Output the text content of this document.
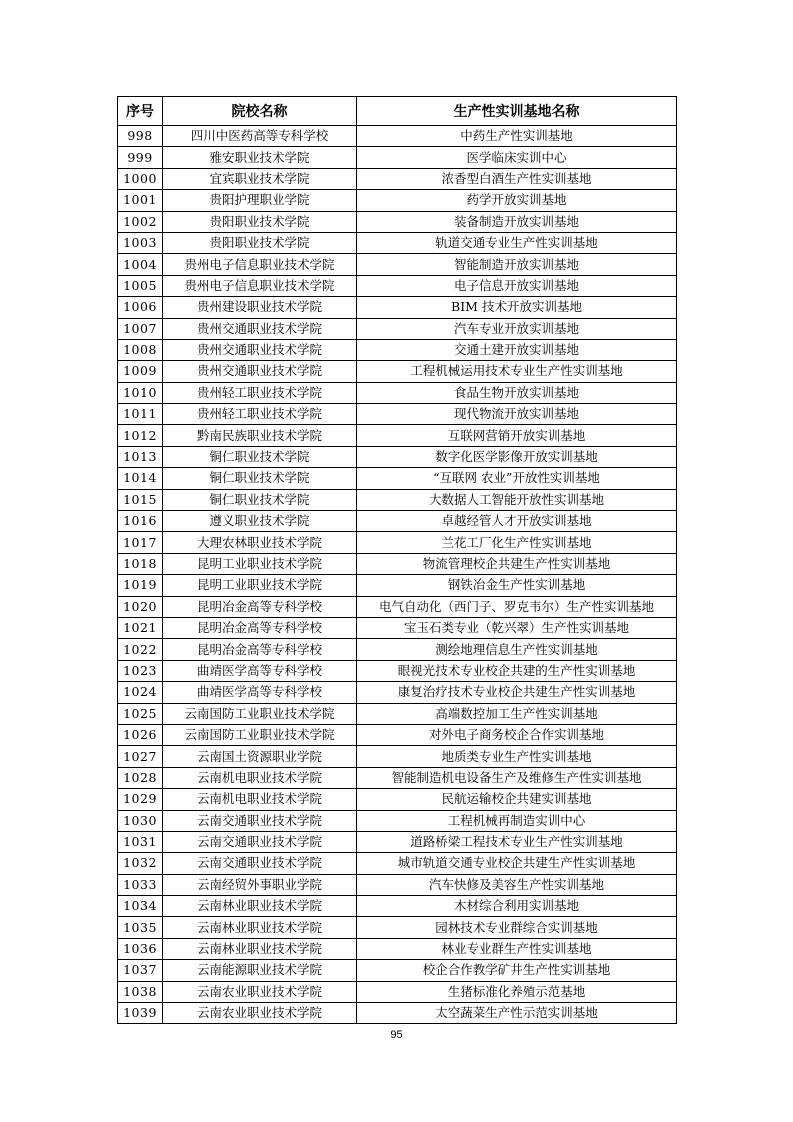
序号	院校名称	生产性实训基地名称
998	四川中医药高等专科学校	中药生产性实训基地
999	雅安职业技术学院	医学临床实训中心
1000	宜宾职业技术学院	浓香型白酒生产性实训基地
1001	贵阳护理职业学院	药学开放实训基地
1002	贵阳职业技术学院	装备制造开放实训基地
1003	贵阳职业技术学院	轨道交通专业生产性实训基地
1004	贵州电子信息职业技术学院	智能制造开放实训基地
1005	贵州电子信息职业技术学院	电子信息开放实训基地
1006	贵州建设职业技术学院	BIM 技术开放实训基地
1007	贵州交通职业技术学院	汽车专业开放实训基地
1008	贵州交通职业技术学院	交通土建开放实训基地
1009	贵州交通职业技术学院	工程机械运用技术专业生产性实训基地
1010	贵州轻工职业技术学院	食品生物开放实训基地
1011	贵州轻工职业技术学院	现代物流开放实训基地
1012	黔南民族职业技术学院	互联网营销开放实训基地
1013	铜仁职业技术学院	数字化医学影像开放实训基地
1014	铜仁职业技术学院	“互联网 农业”开放性实训基地
1015	铜仁职业技术学院	大数据人工智能开放性实训基地
1016	遵义职业技术学院	卓越经管人才开放实训基地
1017	大理农林职业技术学院	兰花工厂化生产性实训基地
1018	昆明工业职业技术学院	物流管理校企共建生产性实训基地
1019	昆明工业职业技术学院	钢铁冶金生产性实训基地
1020	昆明冶金高等专科学校	电气自动化（西门子、罗克韦尔）生产性实训基地
1021	昆明冶金高等专科学校	宝玉石类专业（乾兴翠）生产性实训基地
1022	昆明冶金高等专科学校	测绘地理信息生产性实训基地
1023	曲靖医学高等专科学校	眼视光技术专业校企共建的生产性实训基地
1024	曲靖医学高等专科学校	康复治疗技术专业校企共建生产性实训基地
1025	云南国防工业职业技术学院	高端数控加工生产性实训基地
1026	云南国防工业职业技术学院	对外电子商务校企合作实训基地
1027	云南国土资源职业学院	地质类专业生产性实训基地
1028	云南机电职业技术学院	智能制造机电设备生产及维修生产性实训基地
1029	云南机电职业技术学院	民航运输校企共建实训基地
1030	云南交通职业技术学院	工程机械再制造实训中心
1031	云南交通职业技术学院	道路桥梁工程技术专业生产性实训基地
1032	云南交通职业技术学院	城市轨道交通专业校企共建生产性实训基地
1033	云南经贸外事职业学院	汽车快修及美容生产性实训基地
1034	云南林业职业技术学院	木材综合利用实训基地
1035	云南林业职业技术学院	园林技术专业群综合实训基地
1036	云南林业职业技术学院	林业专业群生产性实训基地
1037	云南能源职业技术学院	校企合作教学矿井生产性实训基地
1038	云南农业职业技术学院	生猪标准化养殖示范基地
1039	云南农业职业技术学院	太空蔬菜生产性示范实训基地
95
